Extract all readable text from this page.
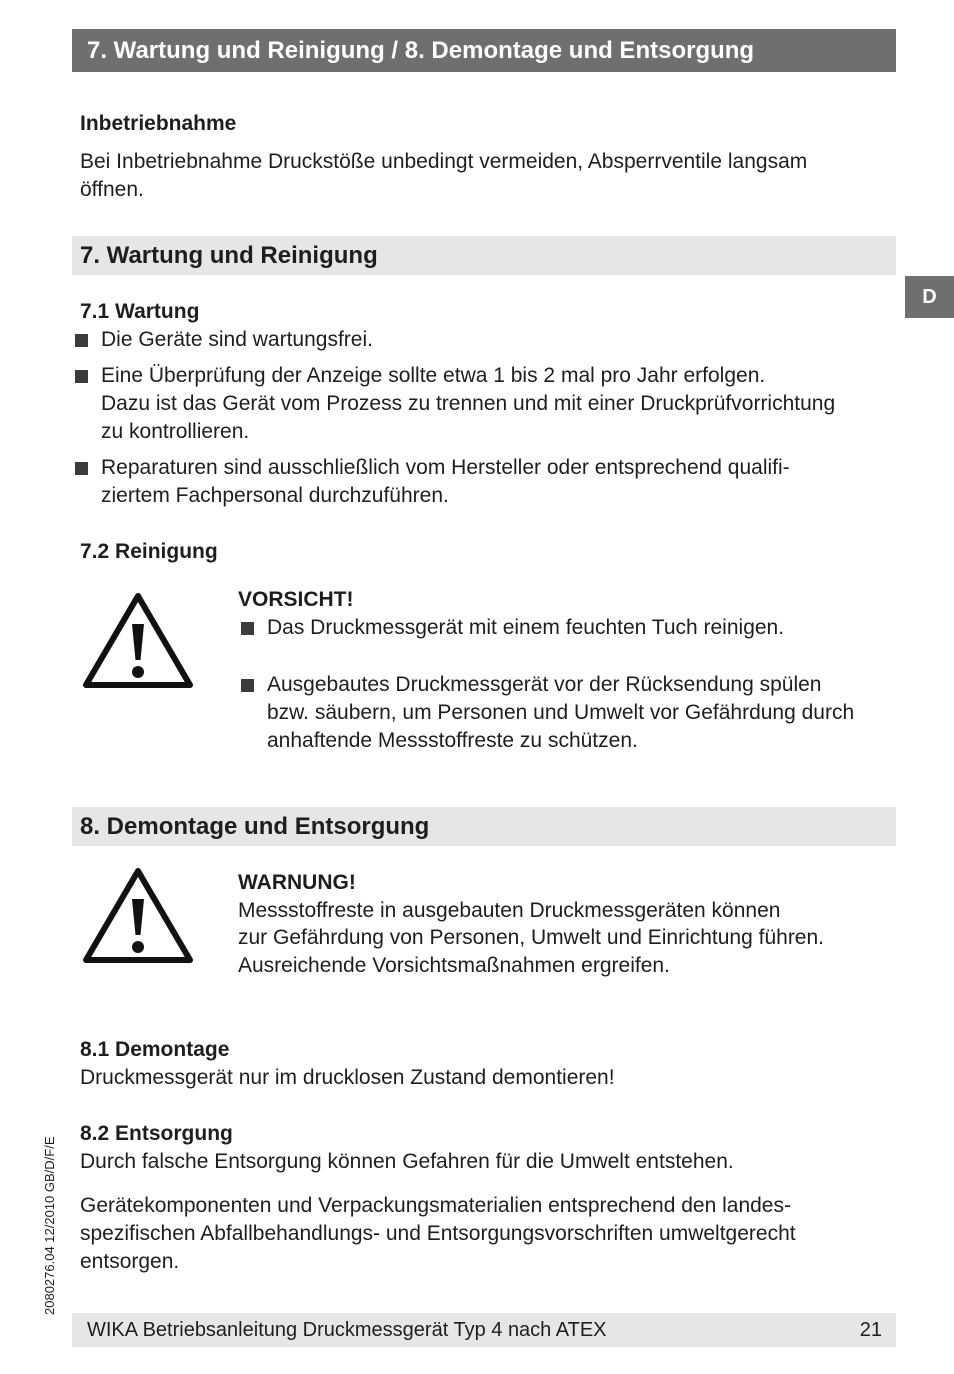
7. Wartung und Reinigung / 8. Demontage und Entsorgung
D
Inbetriebnahme
Bei Inbetriebnahme Druckstöße unbedingt vermeiden, Absperrventile langsam
öffnen.
7. Wartung und Reinigung
7.1 Wartung
Die Geräte sind wartungsfrei.
Eine Überprüfung der Anzeige sollte etwa 1 bis 2 mal pro Jahr erfolgen.
Dazu ist das Gerät vom Prozess zu trennen und mit einer Druckprüfvorrichtung
zu kontrollieren.
Reparaturen sind ausschließlich vom Hersteller oder entsprechend qualifi-
ziertem Fachpersonal durchzuführen.
7.2 Reinigung
VORSICHT!
Das Druckmessgerät mit einem feuchten Tuch reinigen.
Ausgebautes Druckmessgerät vor der Rücksendung spülen
bzw. säubern, um Personen und Umwelt vor Gefährdung durch
anhaftende Messstoffreste zu schützen.
8. Demontage und Entsorgung
WARNUNG!
Messstoffreste in ausgebauten Druckmessgeräten können
zur Gefährdung von Personen, Umwelt und Einrichtung führen.
Ausreichende Vorsichtsmaßnahmen ergreifen.
8.1 Demontage
Druckmessgerät nur im drucklosen Zustand demontieren!
8.2 Entsorgung
Durch falsche Entsorgung können Gefahren für die Umwelt entstehen.
Gerätekomponenten und Verpackungsmaterialien entsprechend den landes-
spezifischen Abfallbehandlungs- und Entsorgungsvorschriften umweltgerecht
entsorgen.
2080276.04 12/2010 GB/D/F/E
WIKA Betriebsanleitung Druckmessgerät Typ 4 nach ATEX	21
